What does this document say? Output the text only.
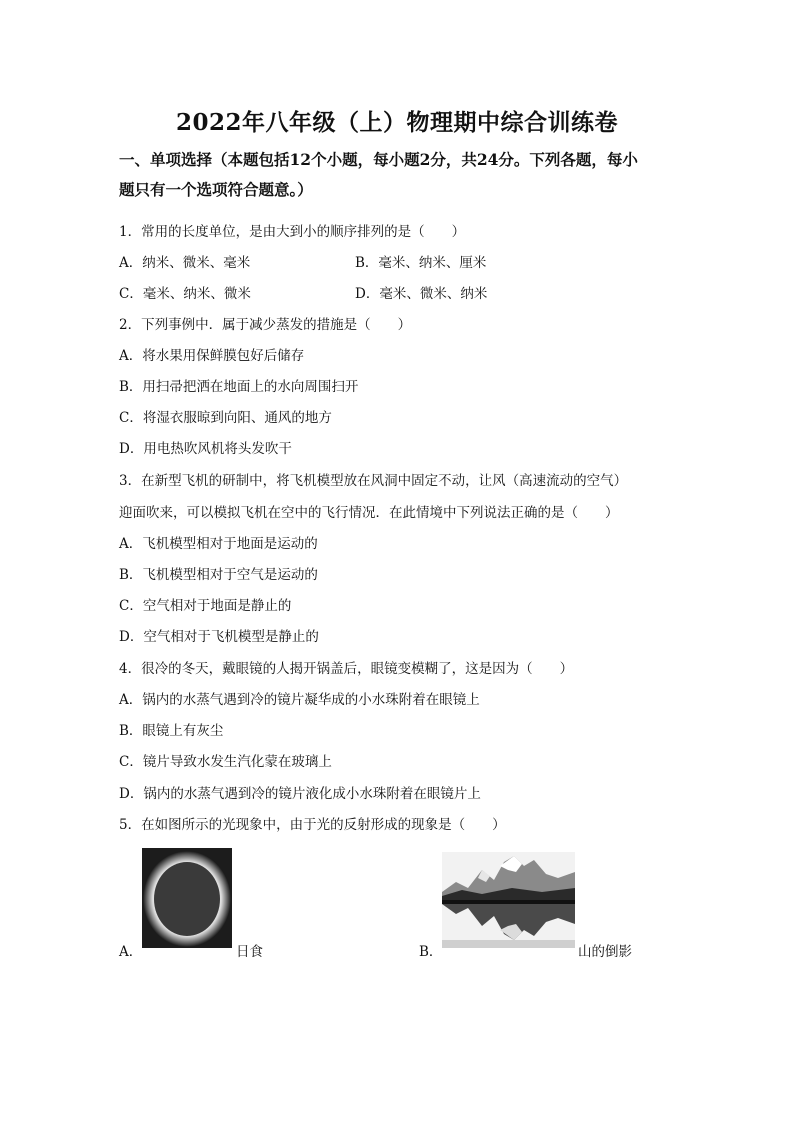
2022年八年级（上）物理期中综合训练卷
一、单项选择（本题包括12个小题，每小题2分，共24分。下列各题，每小
题只有一个选项符合题意。）
1．常用的长度单位，是由大到小的顺序排列的是（　　）
A．纳米、微米、毫米	B．毫米、纳米、厘米
C．毫米、纳米、微米	D．毫米、微米、纳米
2．下列事例中．属于减少蒸发的措施是（　　）
A．将水果用保鲜膜包好后储存
B．用扫帚把洒在地面上的水向周围扫开
C．将湿衣服晾到向阳、通风的地方
D．用电热吹风机将头发吹干
3．在新型飞机的研制中，将飞机模型放在风洞中固定不动，让风（高速流动的空气）
迎面吹来，可以模拟飞机在空中的飞行情况．在此情境中下列说法正确的是（　　）
A．飞机模型相对于地面是运动的
B．飞机模型相对于空气是运动的
C．空气相对于地面是静止的
D．空气相对于飞机模型是静止的
4．很冷的冬天，戴眼镜的人揭开锅盖后，眼镜变模糊了，这是因为（　　）
A．锅内的水蒸气遇到冷的镜片凝华成的小水珠附着在眼镜上
B．眼镜上有灰尘
C．镜片导致水发生汽化蒙在玻璃上
D．锅内的水蒸气遇到冷的镜片液化成小水珠附着在眼镜片上
5．在如图所示的光现象中，由于光的反射形成的现象是（　　）
A．	日食	B．	山的倒影
